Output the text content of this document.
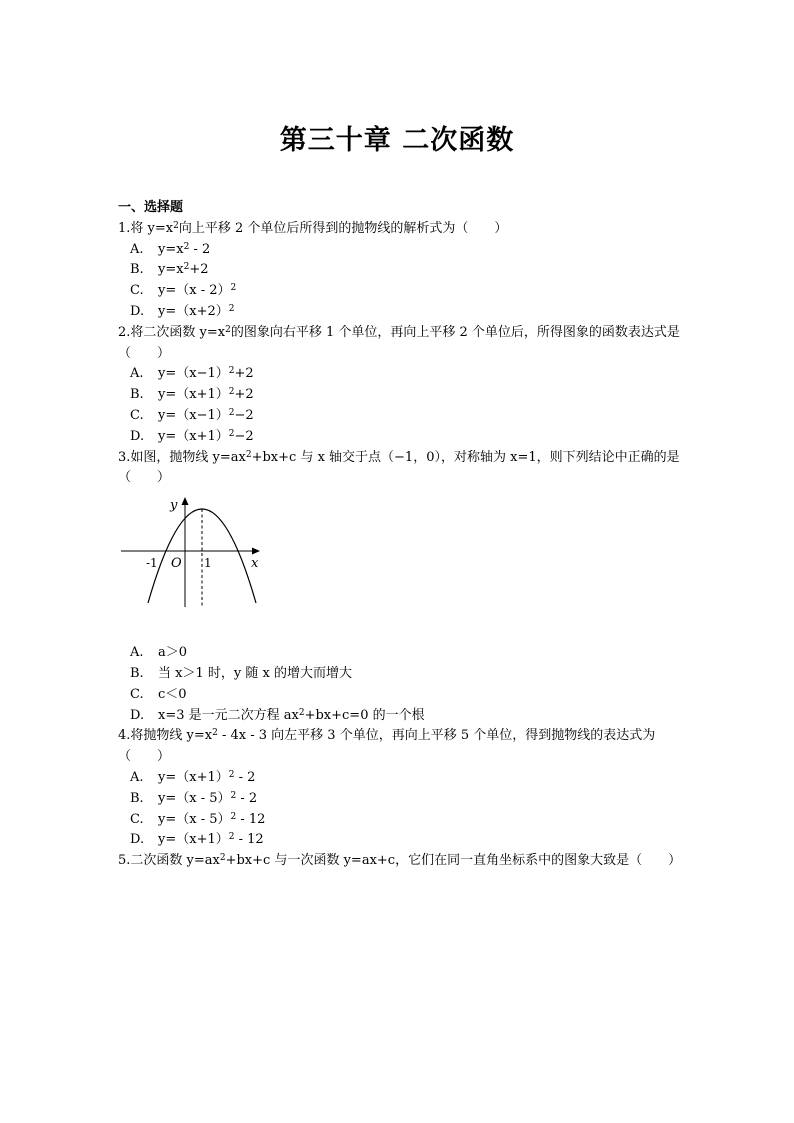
第三十章 二次函数
一、选择题

1.将 $y=x^2$向上平移 2 个单位后所得到的抛物线的解析式为（　　）

A. $y=x^2 - 2$
B. $y=x^2+2$
C. y=（x - 2）$^2$
D. $y=(x+2)^2$

2.将二次函数 $y=x^2$的图象向右平移 1 个单位，再向上平移 2 个单位后，所得图象的函数表达式是（　　）

A. $y=(x-1)^2+2$
B. $y=(x+1)^2+2$
C. $y=(x-1)^2-2$
D. $y=(x+1)^2-2$

3.如图，抛物线 $y=ax^2+bx+c$ 与 x 轴交于点（−1，0），对称轴为 x=1，则下列结论中正确的是（　　）

y
x
O
-1	1
A. a＞0
B. 当 x＞1 时，y 随 x 的增大而增大
C. c＜0
D. x=3 是一元二次方程 $ax^2+bx+c=0$ 的一个根

4.将抛物线 $y=x^2 - 4x - 3$ 向左平移 3 个单位，再向上平移 5 个单位，得到抛物线的表达式为（　　）

A. $y=(x+1)^2 - 2$
B. y=（x - 5）$^2$ - 2
C. y=（x - 5）$^2$ - 12
D. $y=(x+1)^2 - 12$

5.二次函数 $y=ax^2+bx+c$ 与一次函数 y=ax+c，它们在同一直角坐标系中的图象大致是（　　）
